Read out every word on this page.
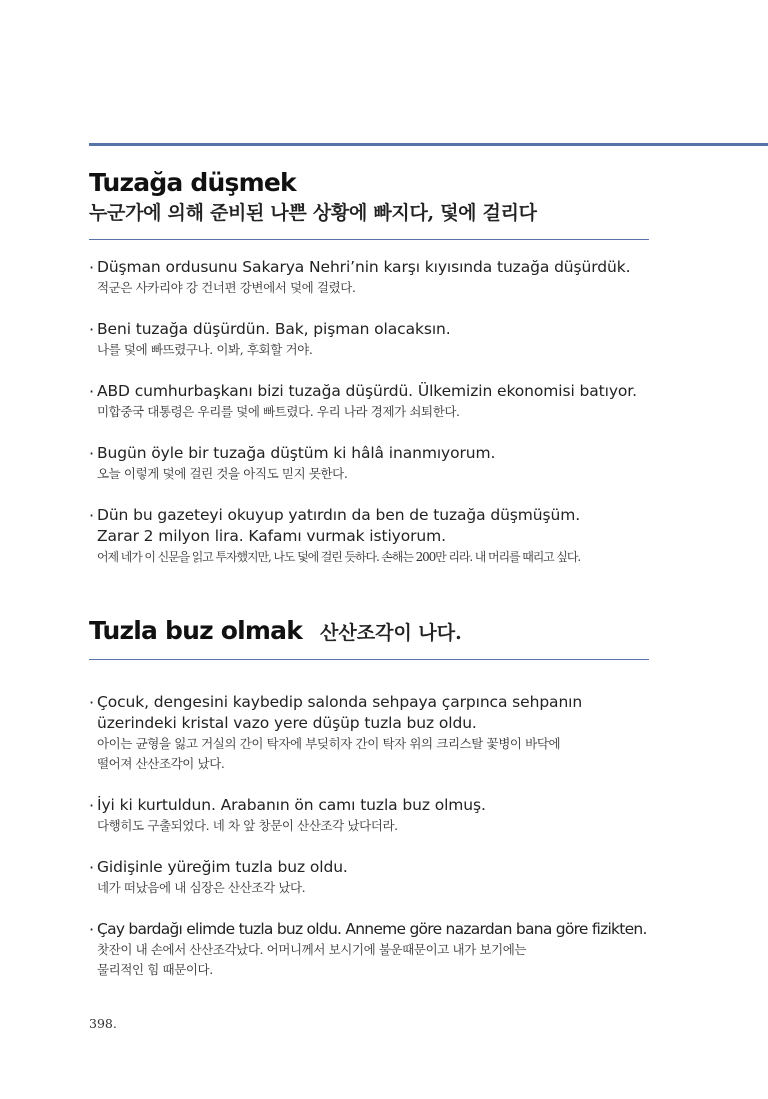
Tuzağa düşmek
누군가에 의해 준비된 나쁜 상황에 빠지다, 덫에 걸리다
· Düşman ordusunu Sakarya Nehri’nin karşı kıyısında tuzağa düşürdük.
적군은 사카리야 강 건너편 강변에서 덫에 걸렸다.
· Beni tuzağa düşürdün. Bak, pişman olacaksın.
나를 덫에 빠뜨렸구나. 이봐, 후회할 거야.
· ABD cumhurbaşkanı bizi tuzağa düşürdü. Ülkemizin ekonomisi batıyor.
미합중국 대통령은 우리를 덫에 빠트렸다. 우리 나라 경제가 쇠퇴한다.
· Bugün öyle bir tuzağa düştüm ki hâlâ inanmıyorum.
오늘 이렇게 덫에 걸린 것을 아직도 믿지 못한다.
· Dün bu gazeteyi okuyup yatırdın da ben de tuzağa düşmüşüm.
Zarar 2 milyon lira. Kafamı vurmak istiyorum.
어제 네가 이 신문을 읽고 투자했지만, 나도 덫에 걸린 듯하다. 손해는 200만 리라. 내 머리를 때리고 싶다.
Tuzla buz olmak 산산조각이 나다.
· Çocuk, dengesini kaybedip salonda sehpaya çarpınca sehpanın
üzerindeki kristal vazo yere düşüp tuzla buz oldu.
아이는 균형을 잃고 거실의 간이 탁자에 부딪히자 간이 탁자 위의 크리스탈 꽃병이 바닥에
떨어져 산산조각이 났다.
· İyi ki kurtuldun. Arabanın ön camı tuzla buz olmuş.
다행히도 구출되었다. 네 차 앞 창문이 산산조각 났다더라.
· Gidişinle yüreğim tuzla buz oldu.
네가 떠났음에 내 심장은 산산조각 났다.
· Çay bardağı elimde tuzla buz oldu. Anneme göre nazardan bana göre fizikten.
찻잔이 내 손에서 산산조각났다. 어머니께서 보시기에 불운때문이고 내가 보기에는
물리적인 힘 때문이다.
398.
